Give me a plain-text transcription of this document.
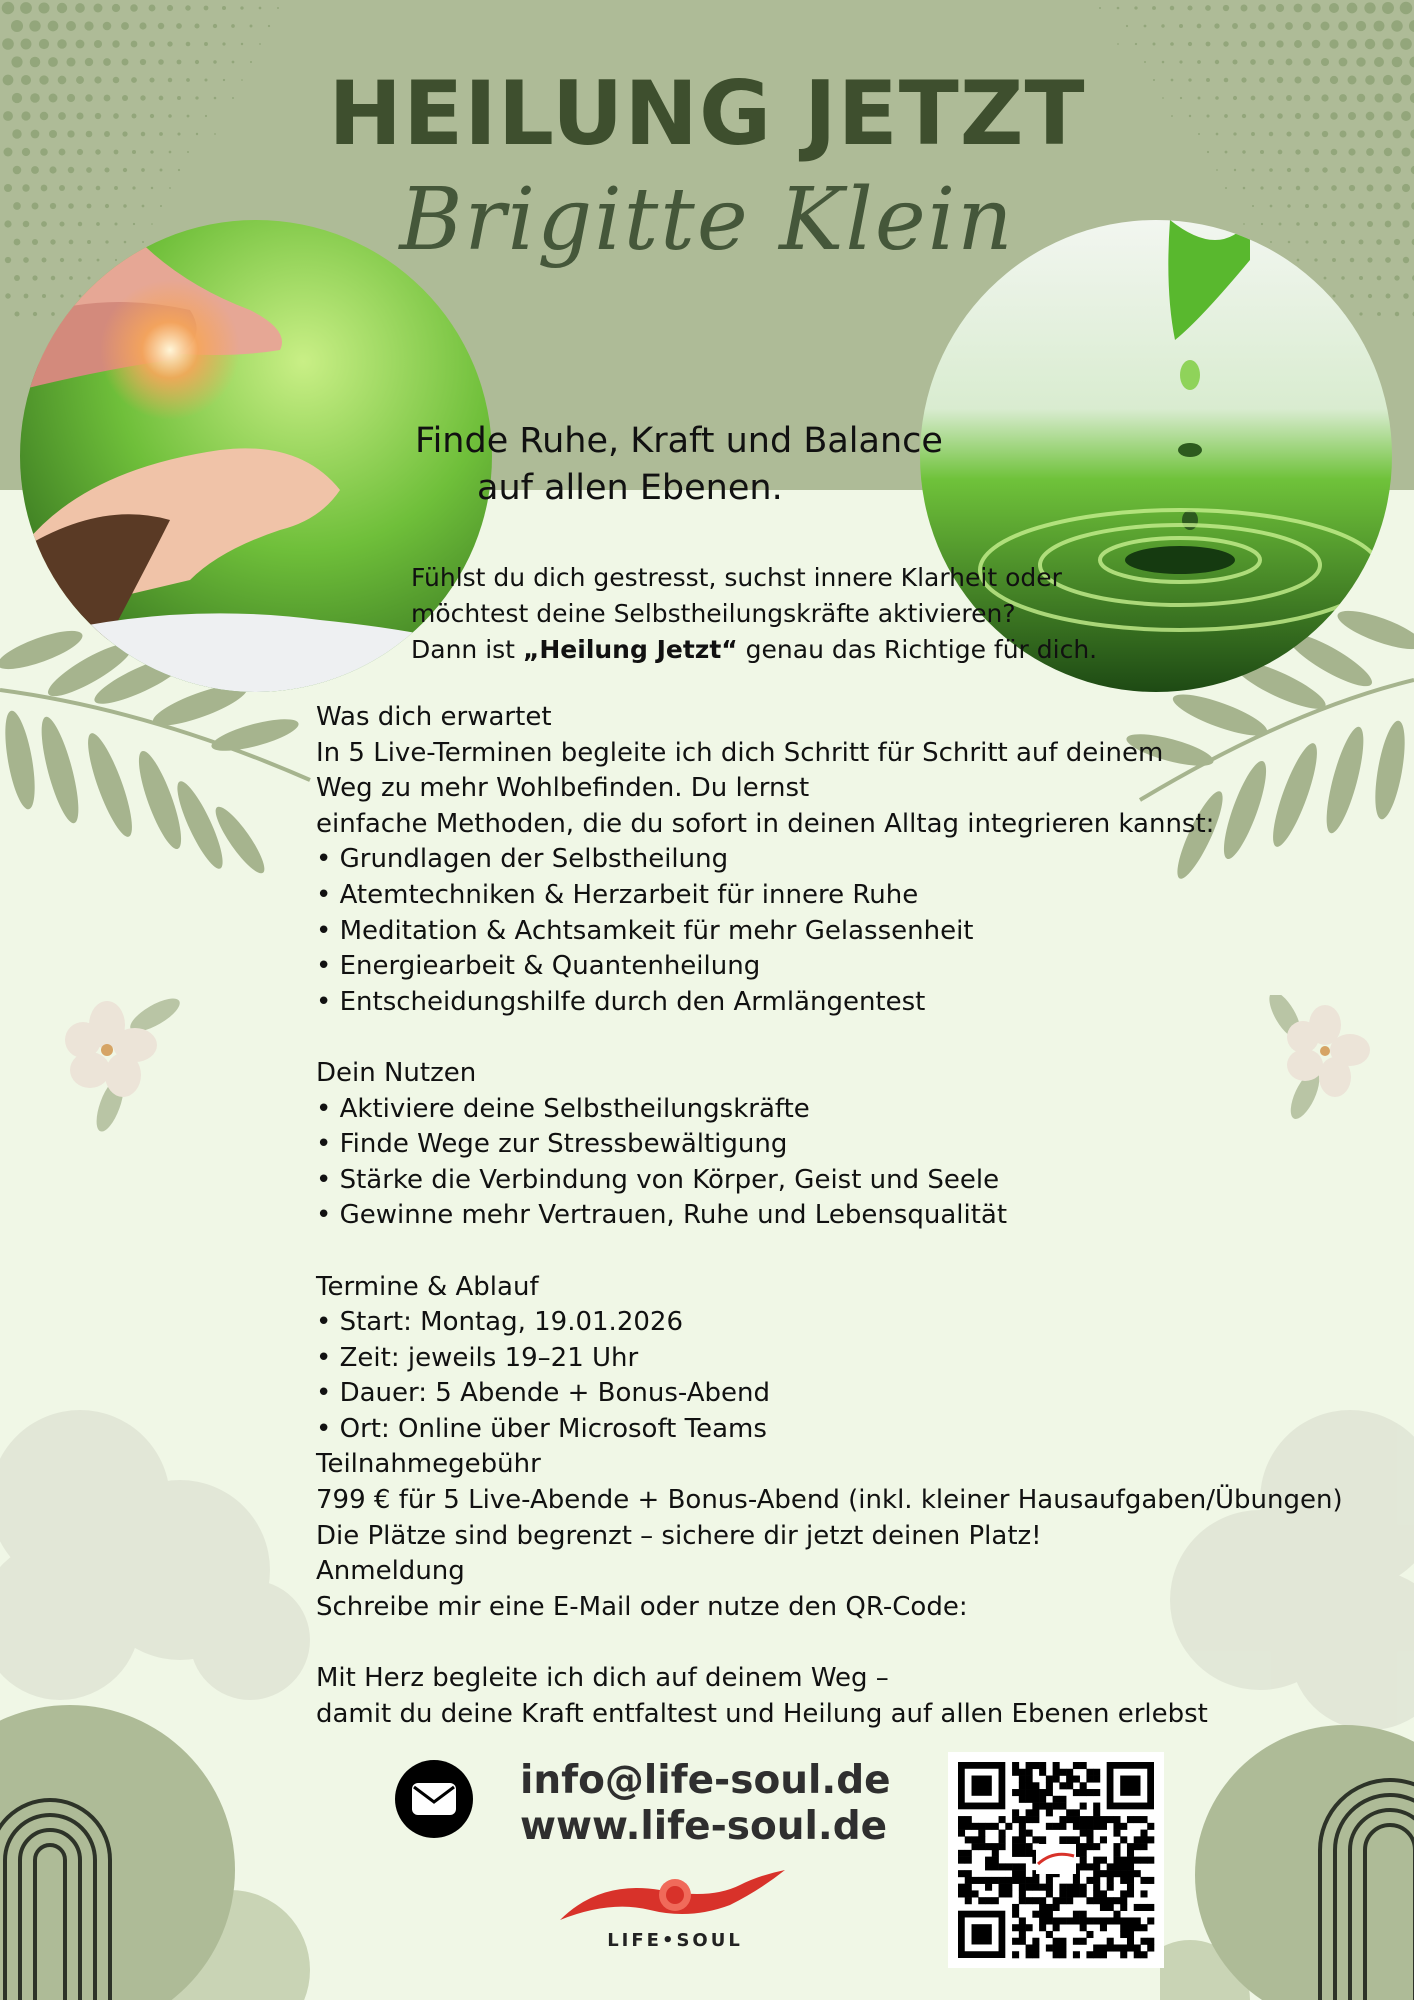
HEILUNG JETZT
Brigitte Klein
Finde Ruhe, Kraft und Balance
auf allen Ebenen.
Fühlst du dich gestresst, suchst innere Klarheit oder
möchtest deine Selbstheilungskräfte aktivieren?
Dann ist „Heilung Jetzt“ genau das Richtige für dich.
Was dich erwartet
In 5 Live-Terminen begleite ich dich Schritt für Schritt auf deinem
Weg zu mehr Wohlbefinden. Du lernst
einfache Methoden, die du sofort in deinen Alltag integrieren kannst:
• Grundlagen der Selbstheilung
• Atemtechniken & Herzarbeit für innere Ruhe
• Meditation & Achtsamkeit für mehr Gelassenheit
• Energiearbeit & Quantenheilung
• Entscheidungshilfe durch den Armlängentest
Dein Nutzen
• Aktiviere deine Selbstheilungskräfte
• Finde Wege zur Stressbewältigung
• Stärke die Verbindung von Körper, Geist und Seele
• Gewinne mehr Vertrauen, Ruhe und Lebensqualität
Termine & Ablauf
• Start: Montag, 19.01.2026
• Zeit: jeweils 19–21 Uhr
• Dauer: 5 Abende + Bonus-Abend
• Ort: Online über Microsoft Teams
Teilnahmegebühr
799 € für 5 Live-Abende + Bonus-Abend (inkl. kleiner Hausaufgaben/Übungen)
Die Plätze sind begrenzt – sichere dir jetzt deinen Platz!
Anmeldung
Schreibe mir eine E-Mail oder nutze den QR-Code:
Mit Herz begleite ich dich auf deinem Weg –
damit du deine Kraft entfaltest und Heilung auf allen Ebenen erlebst
info@life-soul.de
www.life-soul.de
LIFE•SOUL
